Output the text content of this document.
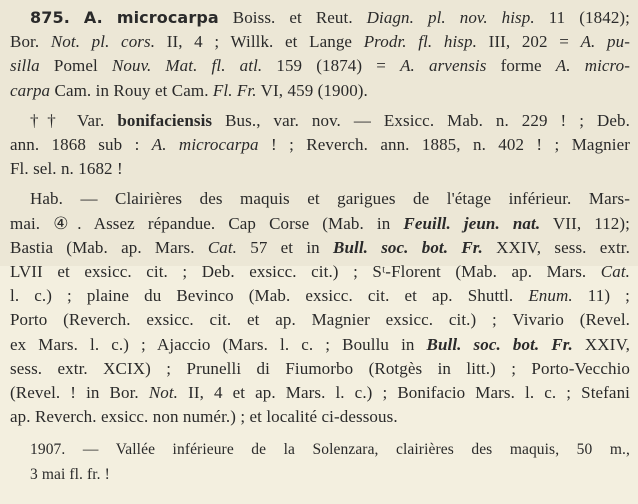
875. A. microcarpa Boiss. et Reut. Diagn. pl. nov. hisp. 11 (1842);
Bor. Not. pl. cors. II, 4 ; Willk. et Lange Prodr. fl. hisp. III, 202 = A. pu-
silla Pomel Nouv. Mat. fl. atl. 159 (1874) = A. arvensis forme A. micro-
carpa Cam. in Rouy et Cam. Fl. Fr. VI, 459 (1900).
†† Var. bonifaciensis Bus., var. nov. — Exsicc. Mab. n. 229 ! ; Deb.
ann. 1868 sub : A. microcarpa ! ; Reverch. ann. 1885, n. 402 ! ; Magnier
Fl. sel. n. 1682 !
Hab. — Clairières des maquis et garigues de l'étage inférieur. Mars-
mai. ④. Assez répandue. Cap Corse (Mab. in Feuill. jeun. nat. VII, 112);
Bastia (Mab. ap. Mars. Cat. 57 et in Bull. soc. bot. Fr. XXIV, sess. extr.
LVII et exsicc. cit. ; Deb. exsicc. cit.) ; Sᵗ-Florent (Mab. ap. Mars. Cat.
l. c.) ; plaine du Bevinco (Mab. exsicc. cit. et ap. Shuttl. Enum. 11) ;
Porto (Reverch. exsicc. cit. et ap. Magnier exsicc. cit.) ; Vivario (Revel.
ex Mars. l. c.) ; Ajaccio (Mars. l. c. ; Boullu in Bull. soc. bot. Fr. XXIV,
sess. extr. XCIX) ; Prunelli di Fiumorbo (Rotgès in litt.) ; Porto-Vecchio
(Revel. ! in Bor. Not. II, 4 et ap. Mars. l. c.) ; Bonifacio Mars. l. c. ; Stefani
ap. Reverch. exsicc. non numér.) ; et localité ci-dessous.
1907. — Vallée inférieure de la Solenzara, clairières des maquis, 50 m.,
3 mai fl. fr. !
